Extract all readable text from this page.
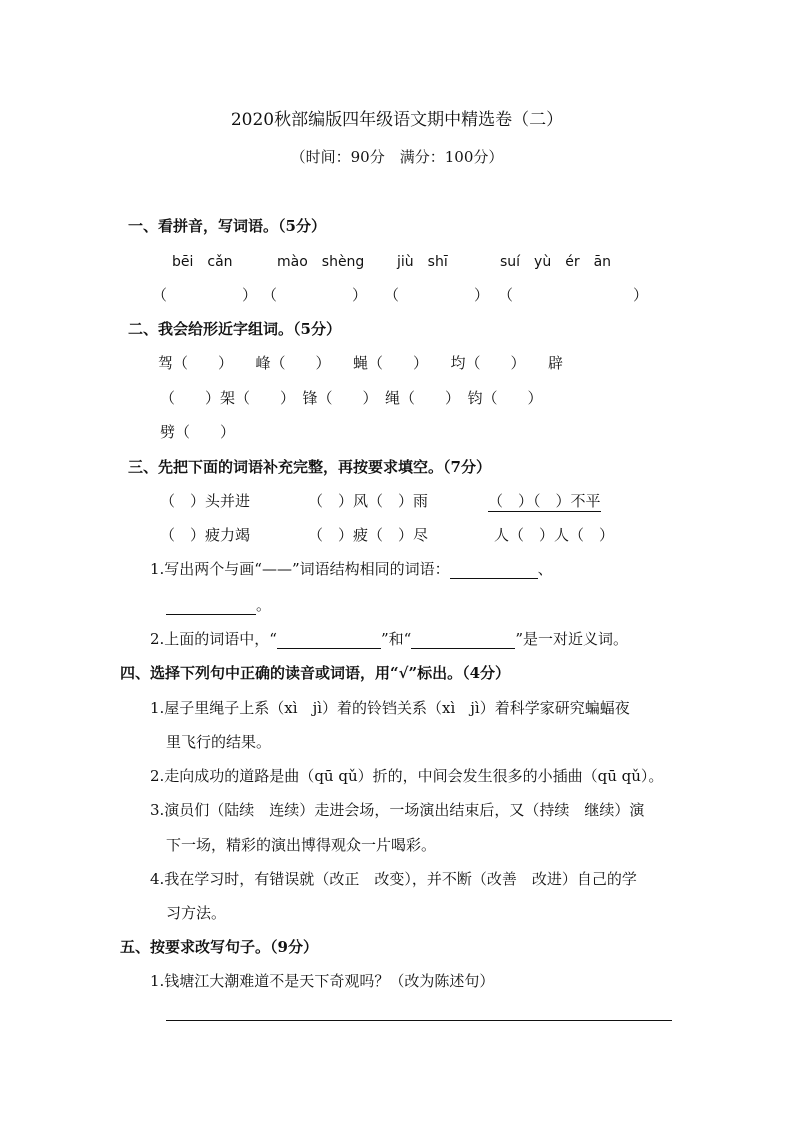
2020秋部编版四年级语文期中精选卷（二）
（时间：90分　满分：100分）
一、看拼音，写词语。（5分）
bēi　cǎn	mào　shèng jiù　shī	suí　yù　ér　ān
（　　　　　） （　　　　　） （　　　　　） （　　　　　　　　）
二、我会给形近字组词。（5分）
驾（　　）　　峰（　　）　　蝇（　　）　　均（　　）　　辟
（　　）架（　　）　锋（　　）　绳（　　）　钧（　　）
劈（　　）
三、先把下面的词语补充完整，再按要求填空。（7分）
（　）头并进	（　）风（　）雨	（　）（　）不平
（　）疲力竭	（　）疲（　）尽	人（　）人（　）
1.写出两个与画“——”词语结构相同的词语：	、
。
2.上面的词语中，“	”和“	”是一对近义词。
四、选择下列句中正确的读音或词语，用“√”标出。（4分）
1.屋子里绳子上系（xì　jì）着的铃铛关系（xì　jì）着科学家研究蝙蝠夜
里飞行的结果。
2.走向成功的道路是曲（qū qǔ）折的，中间会发生很多的小插曲（qū qǔ）。
3.演员们（陆续　连续）走进会场，一场演出结束后，又（持续　继续）演
下一场，精彩的演出博得观众一片喝彩。
4.我在学习时，有错误就（改正　改变），并不断（改善　改进）自己的学
习方法。
五、按要求改写句子。（9分）
1.钱塘江大潮难道不是天下奇观吗？（改为陈述句）
